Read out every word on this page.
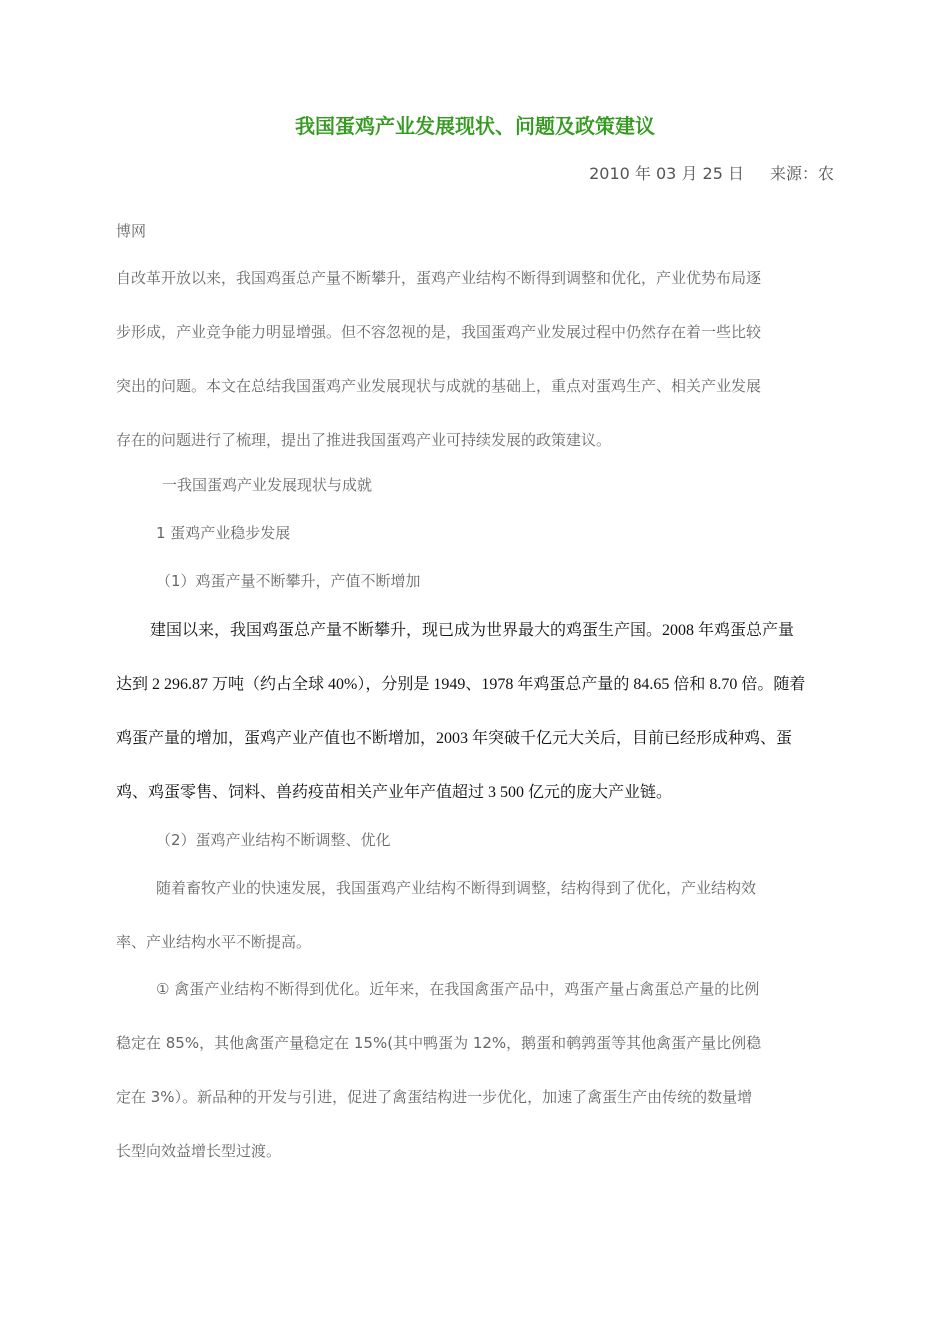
我国蛋鸡产业发展现状、问题及政策建议
2010 年 03 月 25 日 来源：农
博网
自改革开放以来，我国鸡蛋总产量不断攀升，蛋鸡产业结构不断得到调整和优化，产业优势布局逐
步形成，产业竞争能力明显增强。但不容忽视的是，我国蛋鸡产业发展过程中仍然存在着一些比较
突出的问题。本文在总结我国蛋鸡产业发展现状与成就的基础上，重点对蛋鸡生产、相关产业发展
存在的问题进行了梳理，提出了推进我国蛋鸡产业可持续发展的政策建议。
一我国蛋鸡产业发展现状与成就
1 蛋鸡产业稳步发展
（1）鸡蛋产量不断攀升，产值不断增加
建国以来，我国鸡蛋总产量不断攀升，现已成为世界最大的鸡蛋生产国。2008 年鸡蛋总产量
达到 2 296.87 万吨（约占全球 40%），分别是 1949、1978 年鸡蛋总产量的 84.65 倍和 8.70 倍。随着
鸡蛋产量的增加，蛋鸡产业产值也不断增加，2003 年突破千亿元大关后，目前已经形成种鸡、蛋
鸡、鸡蛋零售、饲料、兽药疫苗相关产业年产值超过 3 500 亿元的庞大产业链。
（2）蛋鸡产业结构不断调整、优化
随着畜牧产业的快速发展，我国蛋鸡产业结构不断得到调整，结构得到了优化，产业结构效
率、产业结构水平不断提高。
① 禽蛋产业结构不断得到优化。近年来，在我国禽蛋产品中，鸡蛋产量占禽蛋总产量的比例
稳定在 85%，其他禽蛋产量稳定在 15%(其中鸭蛋为 12%，鹅蛋和鹌鹑蛋等其他禽蛋产量比例稳
定在 3%）。新品种的开发与引进，促进了禽蛋结构进一步优化，加速了禽蛋生产由传统的数量增
长型向效益增长型过渡。
